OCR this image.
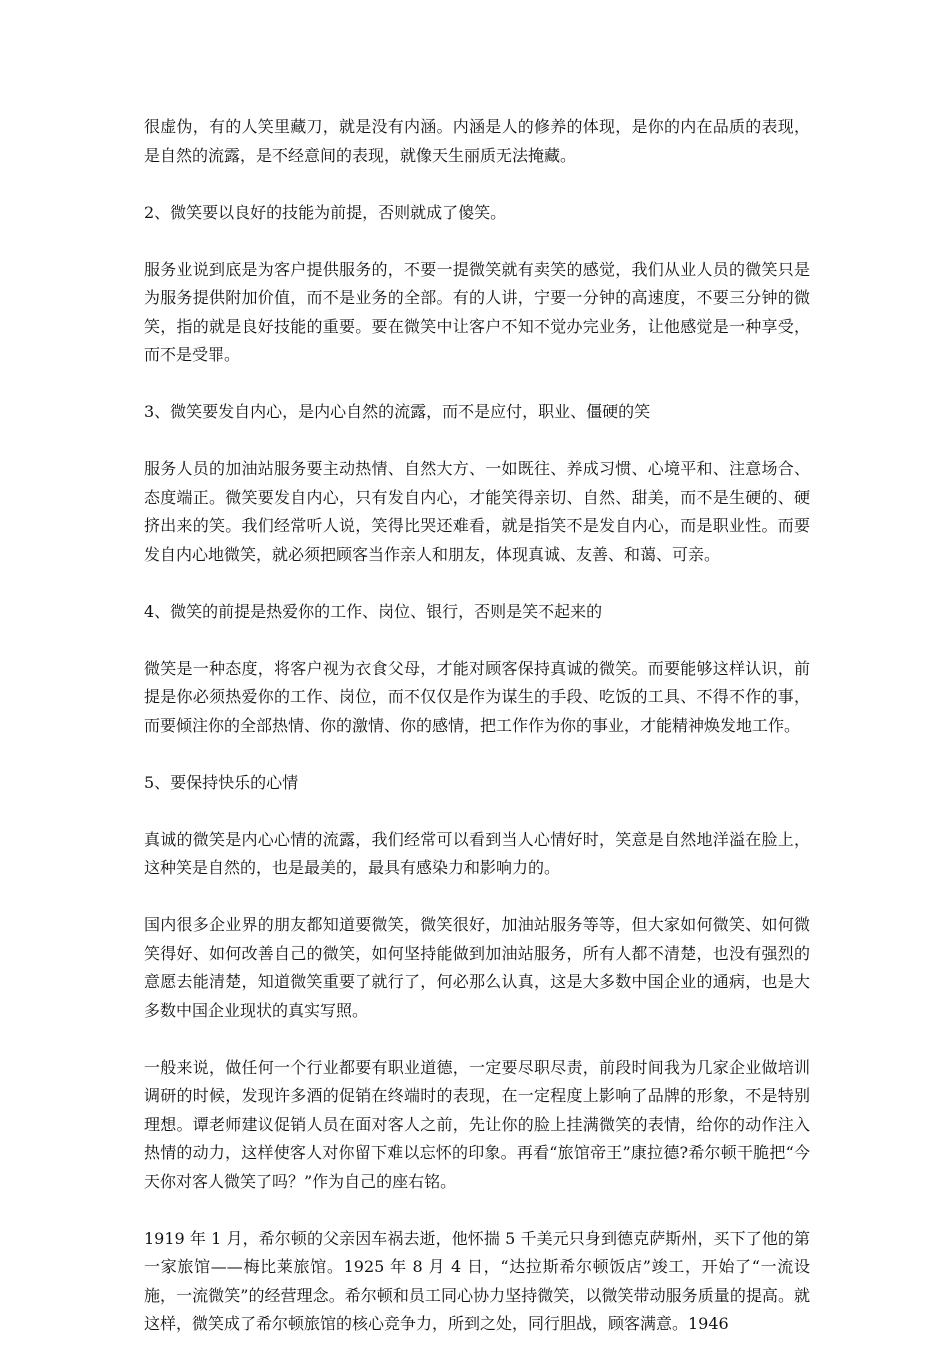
很虚伪，有的人笑里藏刀，就是没有内涵。内涵是人的修养的体现，是你的内在品质的表现，是自然的流露，是不经意间的表现，就像天生丽质无法掩藏。

2、微笑要以良好的技能为前提，否则就成了傻笑。

服务业说到底是为客户提供服务的，不要一提微笑就有卖笑的感觉，我们从业人员的微笑只是为服务提供附加价值，而不是业务的全部。有的人讲，宁要一分钟的高速度，不要三分钟的微笑，指的就是良好技能的重要。要在微笑中让客户不知不觉办完业务，让他感觉是一种享受，而不是受罪。

3、微笑要发自内心，是内心自然的流露，而不是应付，职业、僵硬的笑

服务人员的加油站服务要主动热情、自然大方、一如既往、养成习惯、心境平和、注意场合、态度端正。微笑要发自内心，只有发自内心，才能笑得亲切、自然、甜美，而不是生硬的、硬挤出来的笑。我们经常听人说，笑得比哭还难看，就是指笑不是发自内心，而是职业性。而要发自内心地微笑，就必须把顾客当作亲人和朋友，体现真诚、友善、和蔼、可亲。

4、微笑的前提是热爱你的工作、岗位、银行，否则是笑不起来的

微笑是一种态度，将客户视为衣食父母，才能对顾客保持真诚的微笑。而要能够这样认识，前提是你必须热爱你的工作、岗位，而不仅仅是作为谋生的手段、吃饭的工具、不得不作的事，而要倾注你的全部热情、你的激情、你的感情，把工作作为你的事业，才能精神焕发地工作。

5、要保持快乐的心情

真诚的微笑是内心心情的流露，我们经常可以看到当人心情好时，笑意是自然地洋溢在脸上，这种笑是自然的，也是最美的，最具有感染力和影响力的。

国内很多企业界的朋友都知道要微笑，微笑很好，加油站服务等等，但大家如何微笑、如何微笑得好、如何改善自己的微笑，如何坚持能做到加油站服务，所有人都不清楚，也没有强烈的意愿去能清楚，知道微笑重要了就行了，何必那么认真，这是大多数中国企业的通病，也是大多数中国企业现状的真实写照。

一般来说，做任何一个行业都要有职业道德，一定要尽职尽责，前段时间我为几家企业做培训调研的时候，发现许多酒的促销在终端时的表现，在一定程度上影响了品牌的形象，不是特别理想。谭老师建议促销人员在面对客人之前，先让你的脸上挂满微笑的表情，给你的动作注入热情的动力，这样使客人对你留下难以忘怀的印象。再看“旅馆帝王”康拉德?希尔顿干脆把“今天你对客人微笑了吗？”作为自己的座右铭。

1919 年 1 月，希尔顿的父亲因车祸去逝，他怀揣 5 千美元只身到德克萨斯州，买下了他的第一家旅馆——梅比莱旅馆。1925 年 8 月 4 日，“达拉斯希尔顿饭店”竣工，开始了“一流设施，一流微笑”的经营理念。希尔顿和员工同心协力坚持微笑，以微笑带动服务质量的提高。就这样，微笑成了希尔顿旅馆的核心竞争力，所到之处，同行胆战，顾客满意。1946
